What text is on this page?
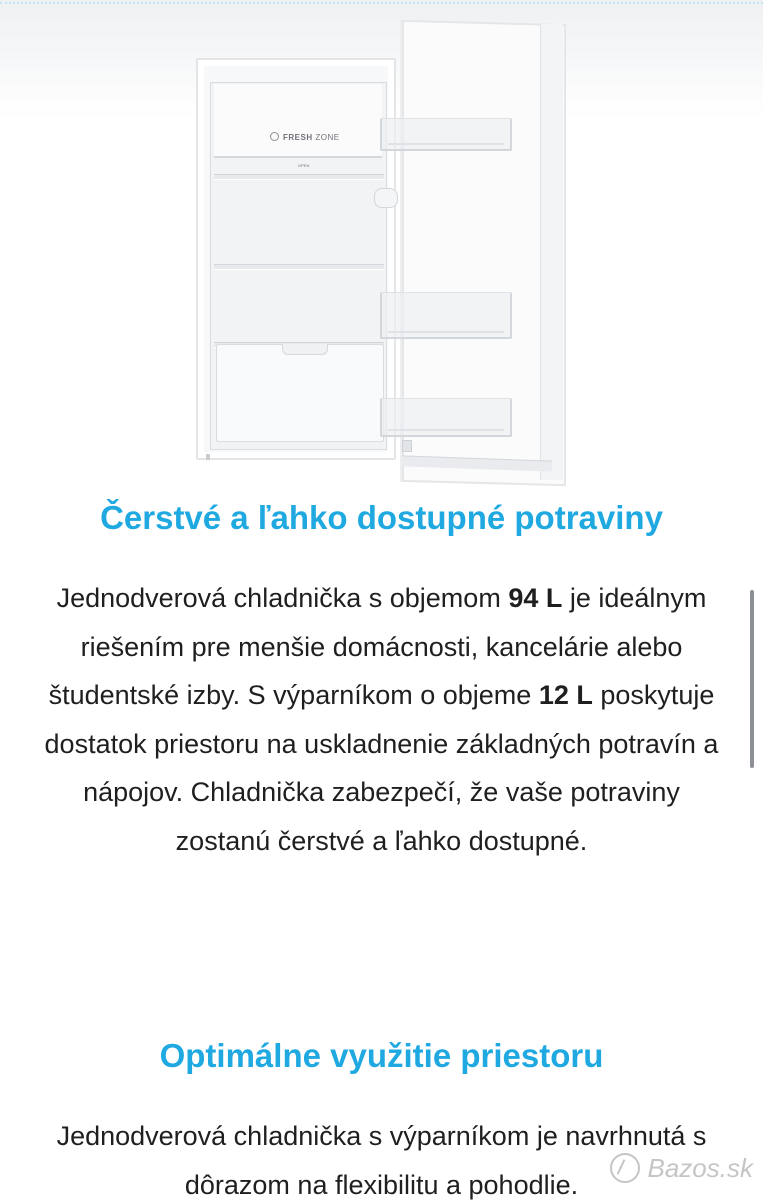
FRESH ZONE
OPEN
Čerstvé a ľahko dostupné potraviny

Jednodverová chladnička s objemom 94 L je ideálnym riešením pre menšie domácnosti, kancelárie alebo študentské izby. S výparníkom o objeme 12 L poskytuje dostatok priestoru na uskladnenie základných potravín a nápojov. Chladnička zabezpečí, že vaše potraviny zostanú čerstvé a ľahko dostupné.

Optimálne využitie priestoru

Jednodverová chladnička s výparníkom je navrhnutá s dôrazom na flexibilitu a pohodlie.

Bazos.sk
